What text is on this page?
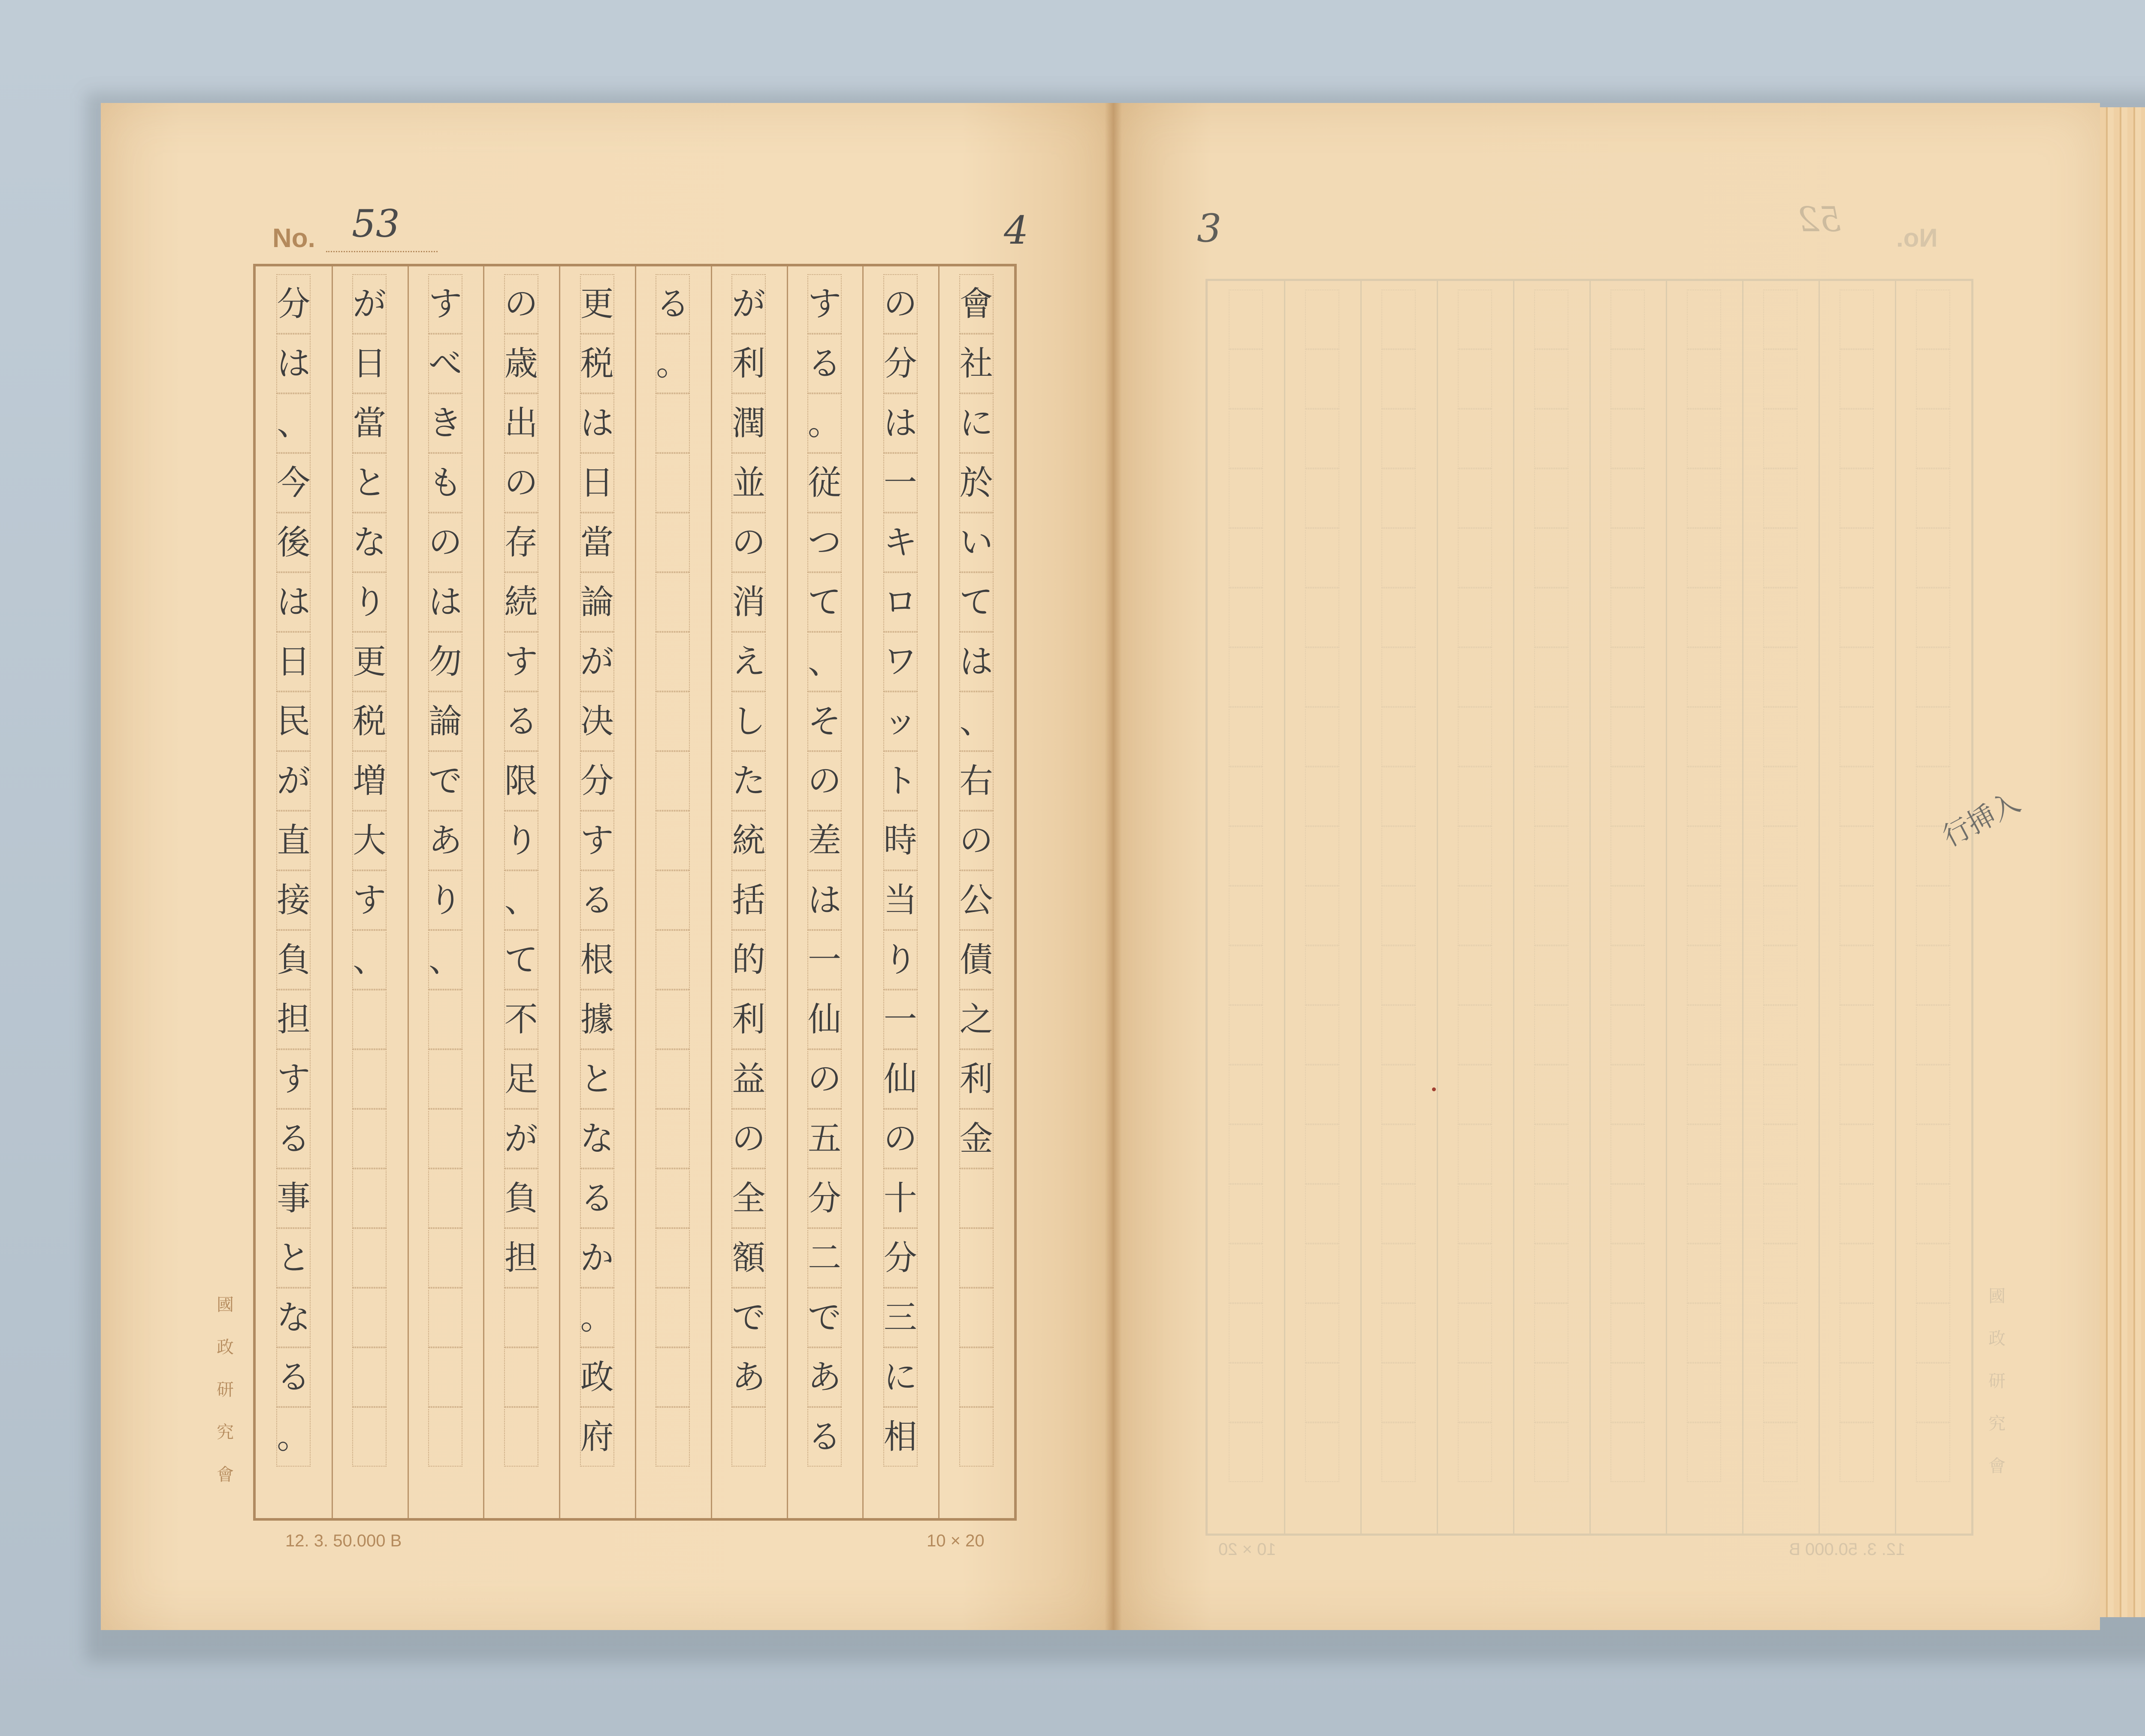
No. 53	4
會
社
に
於
い
て
は
、
右
の
公
債
之
利
金
の
分
は
一
キ
ロ
ワ
ッ
ト
時
当
り
一
仙
の
十
分
三
に
相
す
る
。
従
つ
て
、
そ
の
差
は
一
仙
の
五
分
二
で
あ
る
が
利
潤
並
の
消
え
し
た
統
括
的
利
益
の
全
額
で
あ
る
。
更
税
は
日
當
論
が
决
分
す
る
根
據
と
な
る
か
。
政
府
の
歳
出
の
存
続
す
る
限
り
、
て
不
足
が
負
担
す
べ
き
も
の
は
勿
論
で
あ
り
、
が
日
當
と
な
り
更
税
増
大
す
、
分
は
、
今
後
は
日
民
が
直
接
負
担
す
る
事
と
な
る
。
國
政
研
究
會
12. 3. 50.000 B	10 × 20
No.
52
10 × 20	12. 3. 50.000 B
國
政
研
究
會
3
行挿入
